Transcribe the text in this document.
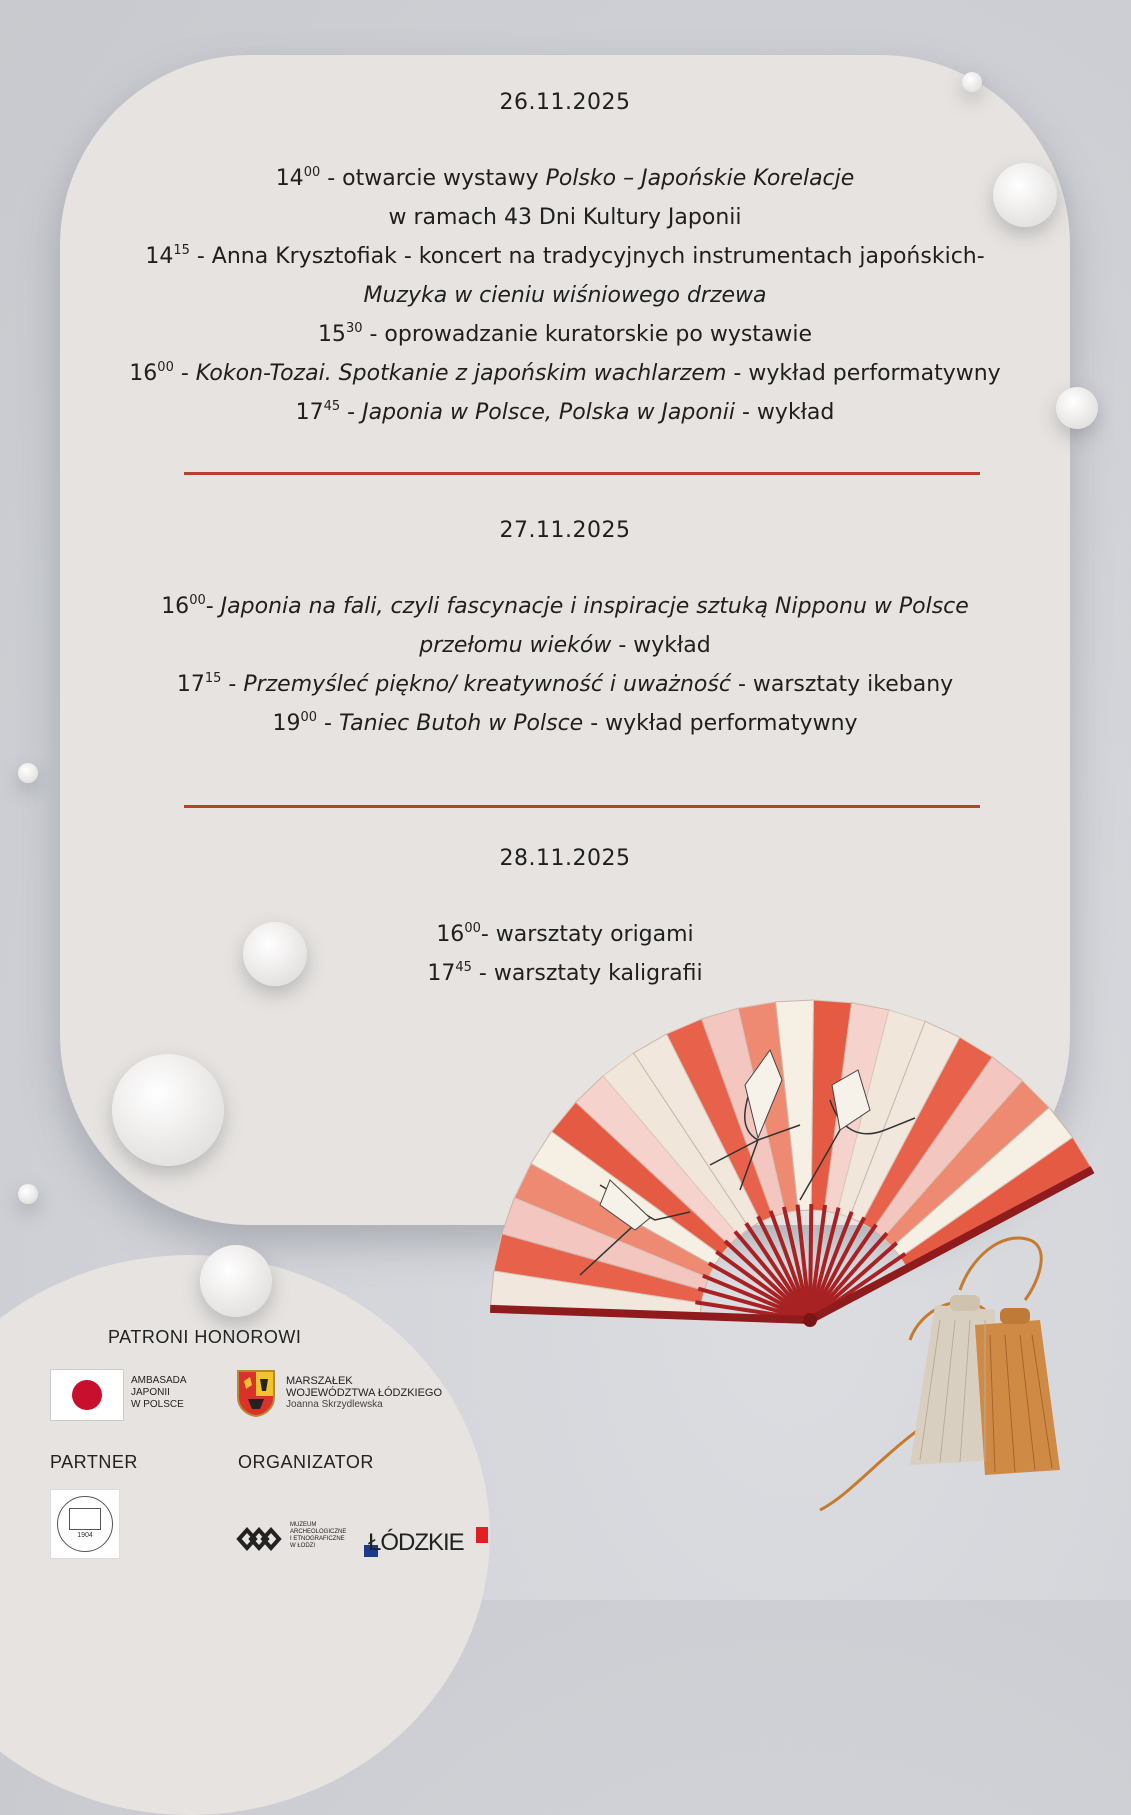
26.11.2025
$14^{00}$ - otwarcie wystawy Polsko – Japońskie Korelacje
w ramach 43 Dni Kultury Japonii
$14^{15}$ - Anna Krysztofiak - koncert na tradycyjnych instrumentach japońskich-
Muzyka w cieniu wiśniowego drzewa
$15^{30}$ - oprowadzanie kuratorskie po wystawie
$16^{00}$ - Kokon-Tozai. Spotkanie z japońskim wachlarzem - wykład performatywny
$17^{45}$ - Japonia w Polsce, Polska w Japonii - wykład
27.11.2025
$16^{00}-$ Japonia na fali, czyli fascynacje i inspiracje sztuką Nipponu w Polsce
przełomu wieków - wykład
$17^{15}$ - Przemyśleć piękno/ kreatywność i uważność - warsztaty ikebany
$19^{00}$ - Taniec Butoh w Polsce - wykład performatywny
28.11.2025
$16^{00}-$ warsztaty origami
$17^{45}$ - warsztaty kaligrafii
PATRONI HONOROWI
AMBASADA
JAPONII
W POLSCE
MARSZAŁEK
WOJEWÓDZTWA ŁÓDZKIEGO
Joanna Skrzydlewska
PARTNER	ORGANIZATOR
1904
MUZEUM
ARCHEOLOGICZNE
I ETNOGRAFICZNE
W ŁODZI	ŁÓDZKIE
